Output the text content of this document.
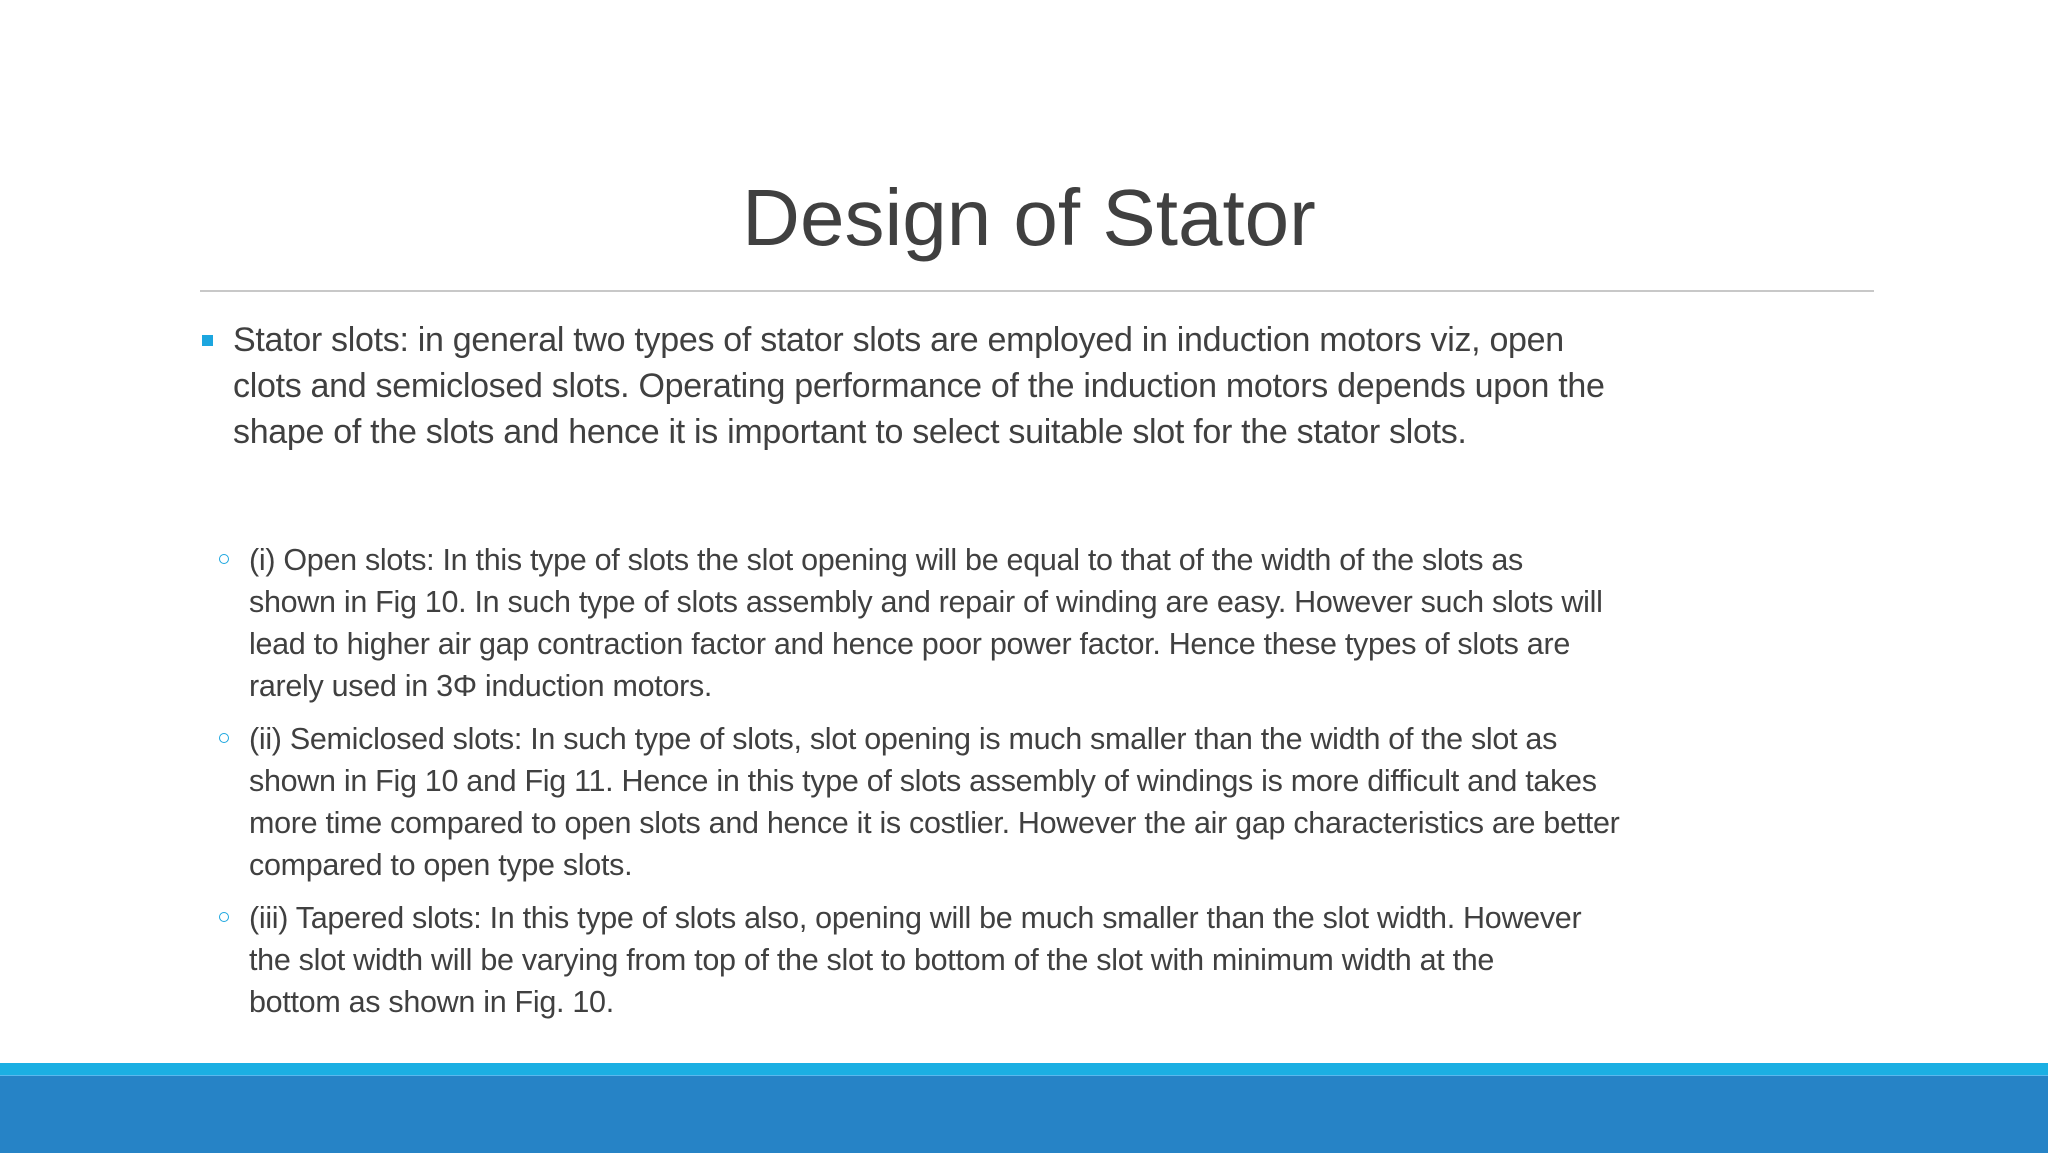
Design of Stator
Stator slots: in general two types of stator slots are employed in induction motors viz, open
clots and semiclosed slots. Operating performance of the induction motors depends upon the
shape of the slots and hence it is important to select suitable slot for the stator slots.
(i) Open slots: In this type of slots the slot opening will be equal to that of the width of the slots as
shown in Fig 10. In such type of slots assembly and repair of winding are easy. However such slots will
lead to higher air gap contraction factor and hence poor power factor. Hence these types of slots are
rarely used in 3Φ induction motors.
(ii) Semiclosed slots: In such type of slots, slot opening is much smaller than the width of the slot as
shown in Fig 10 and Fig 11. Hence in this type of slots assembly of windings is more difficult and takes
more time compared to open slots and hence it is costlier. However the air gap characteristics are better
compared to open type slots.
(iii) Tapered slots: In this type of slots also, opening will be much smaller than the slot width. However
the slot width will be varying from top of the slot to bottom of the slot with minimum width at the
bottom as shown in Fig. 10.
